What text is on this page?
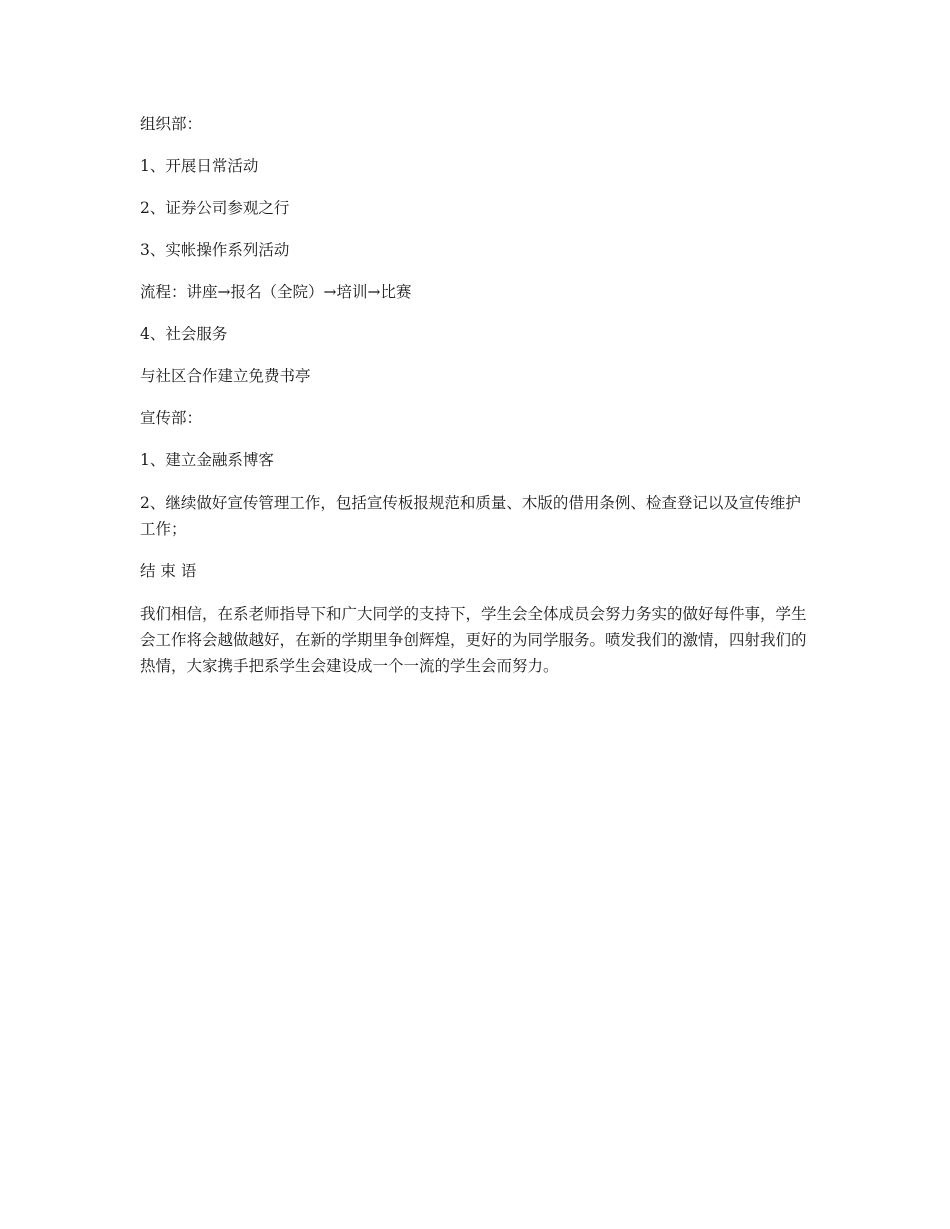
组织部：

1、开展日常活动

2、证券公司参观之行

3、实帐操作系列活动

流程：讲座→报名（全院）→培训→比赛

4、社会服务

与社区合作建立免费书亭

宣传部：

1、建立金融系博客

2、继续做好宣传管理工作，包括宣传板报规范和质量、木版的借用条例、检查登记以及宣传维护工作；

结 束 语

我们相信，在系老师指导下和广大同学的支持下，学生会全体成员会努力务实的做好每件事，学生会工作将会越做越好，在新的学期里争创辉煌，更好的为同学服务。喷发我们的激情，四射我们的热情，大家携手把系学生会建设成一个一流的学生会而努力。
